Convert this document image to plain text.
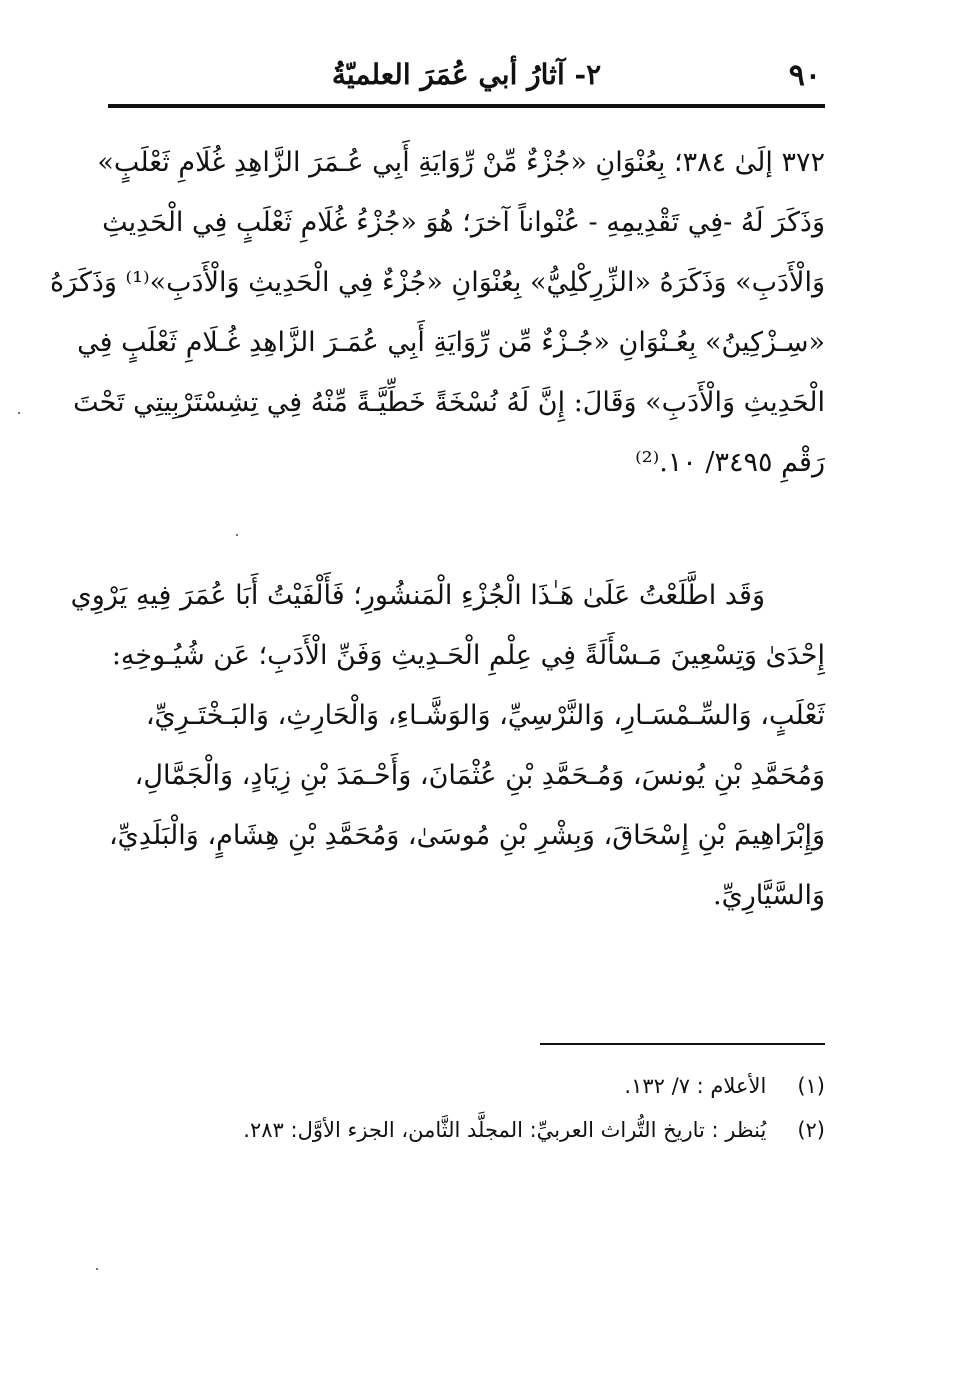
٩٠
٢- آثارُ أبي عُمَرَ العلميّةُ
٣٧٢ إلَىٰ ٣٨٤؛ بِعُنْوَانِ «جُزْءٌ مِّنْ رِّوَايَةِ أَبِي عُـمَرَ الزَّاهِدِ غُلَامِ ثَعْلَبٍ»
وَذَكَرَ لَهُ -فِي تَقْدِيمِهِ - عُنْواناً آخرَ؛ هُوَ «جُزْءُ غُلَامِ ثَعْلَبٍ فِي الْحَدِيثِ
وَالْأَدَبِ» وَذَكَرَهُ «الزِّرِكْلِيُّ» بِعُنْوَانِ «جُزْءٌ فِي الْحَدِيثِ وَالْأَدَبِ»⁽¹⁾ وَذَكَرَهُ
«سِـزْكِينُ» بِعُـنْوَانِ «جُـزْءٌ مِّن رِّوَايَةِ أَبِي عُمَـرَ الزَّاهِدِ غُـلَامِ ثَعْلَبٍ فِي
الْحَدِيثِ وَالْأَدَبِ» وَقَالَ: إِنَّ لَهُ نُسْخَةً خَطِّيَّـةً مِّنْهُ فِي تِشِسْتَرْبِيتِي تَحْتَ
رَقْمِ ٣٤٩٥/ ١٠.⁽²⁾
وَقَد اطَّلَعْتُ عَلَىٰ هَـٰذَا الْجُزْءِ الْمَنشُورِ؛ فَأَلْفَيْتُ أَبَا عُمَرَ فِيهِ يَرْوِي
إِحْدَىٰ وَتِسْعِينَ مَـسْأَلَةً فِي عِلْمِ الْحَـدِيثِ وَفَنِّ الْأَدَبِ؛ عَن شُيُـوخِهِ:
ثَعْلَبٍ، وَالسِّـمْسَـارِ، وَالنَّرْسِيِّ، وَالوَشَّـاءِ، وَالْحَارِثِ، وَالبَـخْتَـرِيِّ،
وَمُحَمَّدِ بْنِ يُونسَ، وَمُـحَمَّدِ بْنِ عُثْمَانَ، وَأَحْـمَدَ بْنِ زِيَادٍ، وَالْجَمَّالِ،
وَإِبْرَاهِيمَ بْنِ إِسْحَاقَ، وَبِشْرِ بْنِ مُوسَىٰ، وَمُحَمَّدِ بْنِ هِشَامٍ، وَالْبَلَدِيِّ،
وَالسَّيَّارِيِّ.
(١) الأعلام : ٧/ ١٣٢.
(٢) يُنظر : تاريخ التُّراث العربيِّ: المجلَّد الثَّامن، الجزء الأوَّل: ٢٨٣.
